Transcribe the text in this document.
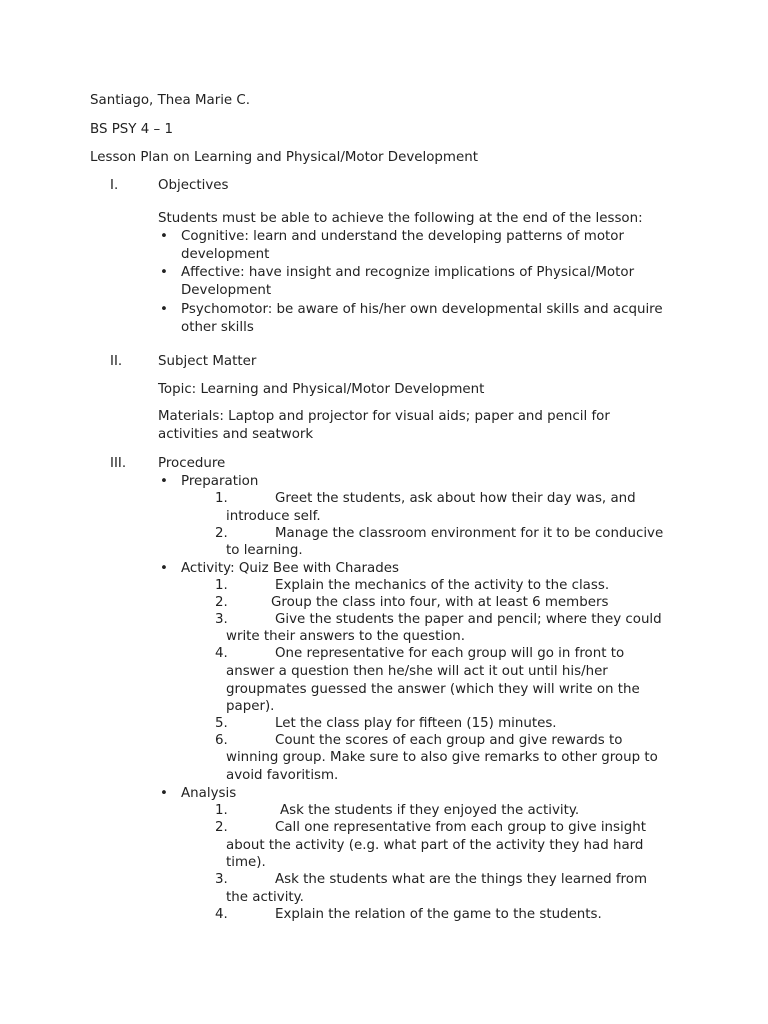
Santiago, Thea Marie C.
BS PSY 4 – 1
Lesson Plan on Learning and Physical/Motor Development
I.	Objectives
Students must be able to achieve the following at the end of the lesson:
• Cognitive: learn and understand the developing patterns of motor
development
• Affective: have insight and recognize implications of Physical/Motor
Development
• Psychomotor: be aware of his/her own developmental skills and acquire
other skills
II.	Subject Matter
Topic: Learning and Physical/Motor Development
Materials: Laptop and projector for visual aids; paper and pencil for
activities and seatwork
III. Procedure
• Preparation
1.	Greet the students, ask about how their day was, and
introduce self.
2.	Manage the classroom environment for it to be conducive
to learning.
• Activity: Quiz Bee with Charades
1.	Explain the mechanics of the activity to the class.
2.	Group the class into four, with at least 6 members
3.	Give the students the paper and pencil; where they could
write their answers to the question.
4.	One representative for each group will go in front to
answer a question then he/she will act it out until his/her
groupmates guessed the answer (which they will write on the
paper).
5.	Let the class play for fifteen (15) minutes.
6.	Count the scores of each group and give rewards to
winning group. Make sure to also give remarks to other group to
avoid favoritism.
• Analysis
1.	Ask the students if they enjoyed the activity.
2.	Call one representative from each group to give insight
about the activity (e.g. what part of the activity they had hard
time).
3.	Ask the students what are the things they learned from
the activity.
4.	Explain the relation of the game to the students.
